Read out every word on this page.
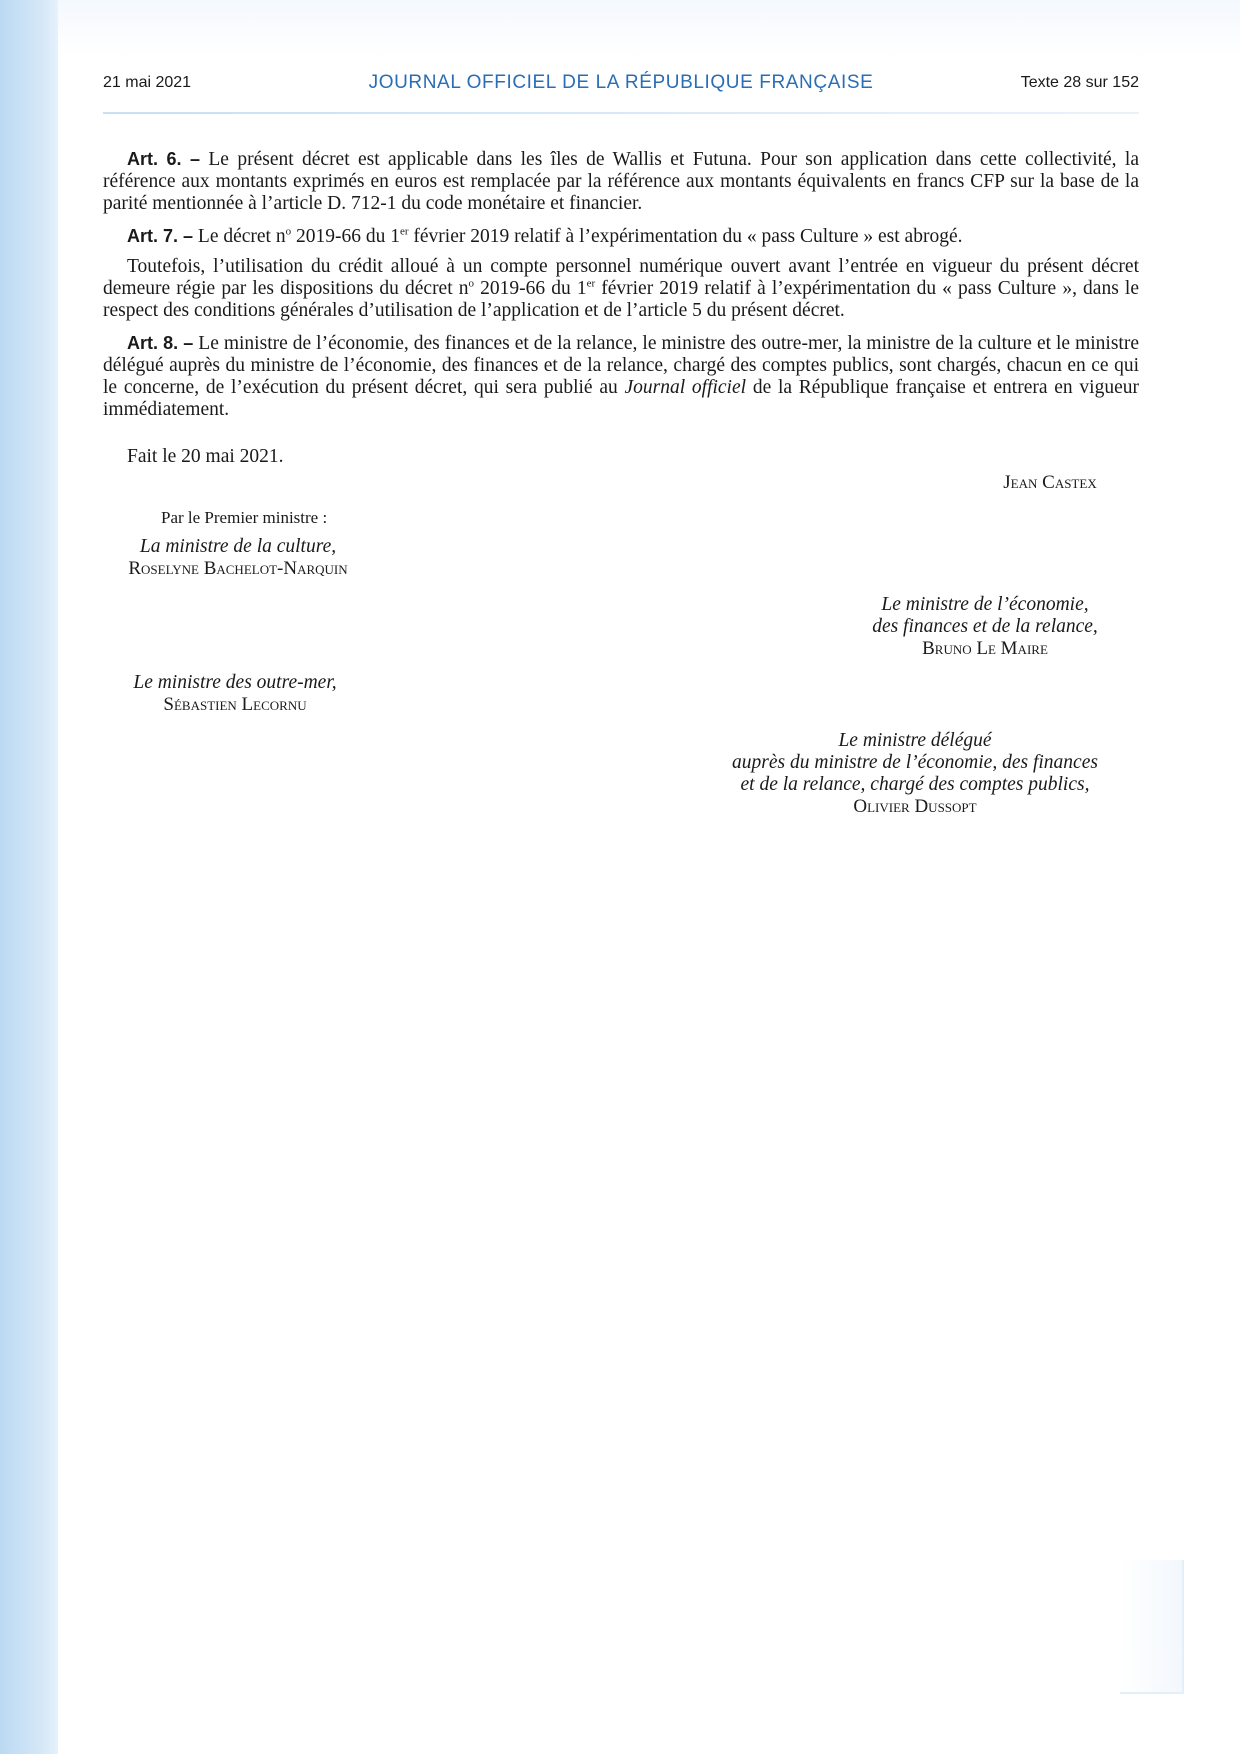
21 mai 2021	JOURNAL OFFICIEL DE LA RÉPUBLIQUE FRANÇAISE	Texte 28 sur 152

Art. 6. – Le présent décret est applicable dans les îles de Wallis et Futuna. Pour son application dans cette collectivité, la référence aux montants exprimés en euros est remplacée par la référence aux montants équivalents en francs CFP sur la base de la parité mentionnée à l’article D. 712-1 du code monétaire et financier.

Art. 7. – Le décret $n^o$ 2019-66 du 1er février 2019 relatif à l’expérimentation du « pass Culture » est abrogé.

Toutefois, l’utilisation du crédit alloué à un compte personnel numérique ouvert avant l’entrée en vigueur du présent décret demeure régie par les dispositions du décret $n^o$ 2019-66 du 1er février 2019 relatif à l’expérimentation du « pass Culture », dans le respect des conditions générales d’utilisation de l’application et de l’article 5 du présent décret.

Art. 8. – Le ministre de l’économie, des finances et de la relance, le ministre des outre-mer, la ministre de la culture et le ministre délégué auprès du ministre de l’économie, des finances et de la relance, chargé des comptes publics, sont chargés, chacun en ce qui le concerne, de l’exécution du présent décret, qui sera publié au Journal officiel de la République française et entrera en vigueur immédiatement.

Fait le 20 mai 2021.
Jean Castex
Par le Premier ministre :
La ministre de la culture,
Roselyne Bachelot-Narquin
Le ministre de l’économie,
des finances et de la relance,
Bruno Le Maire
Le ministre des outre-mer,
Sébastien Lecornu
Le ministre délégué
auprès du ministre de l’économie, des finances
et de la relance, chargé des comptes publics,
Olivier Dussopt
